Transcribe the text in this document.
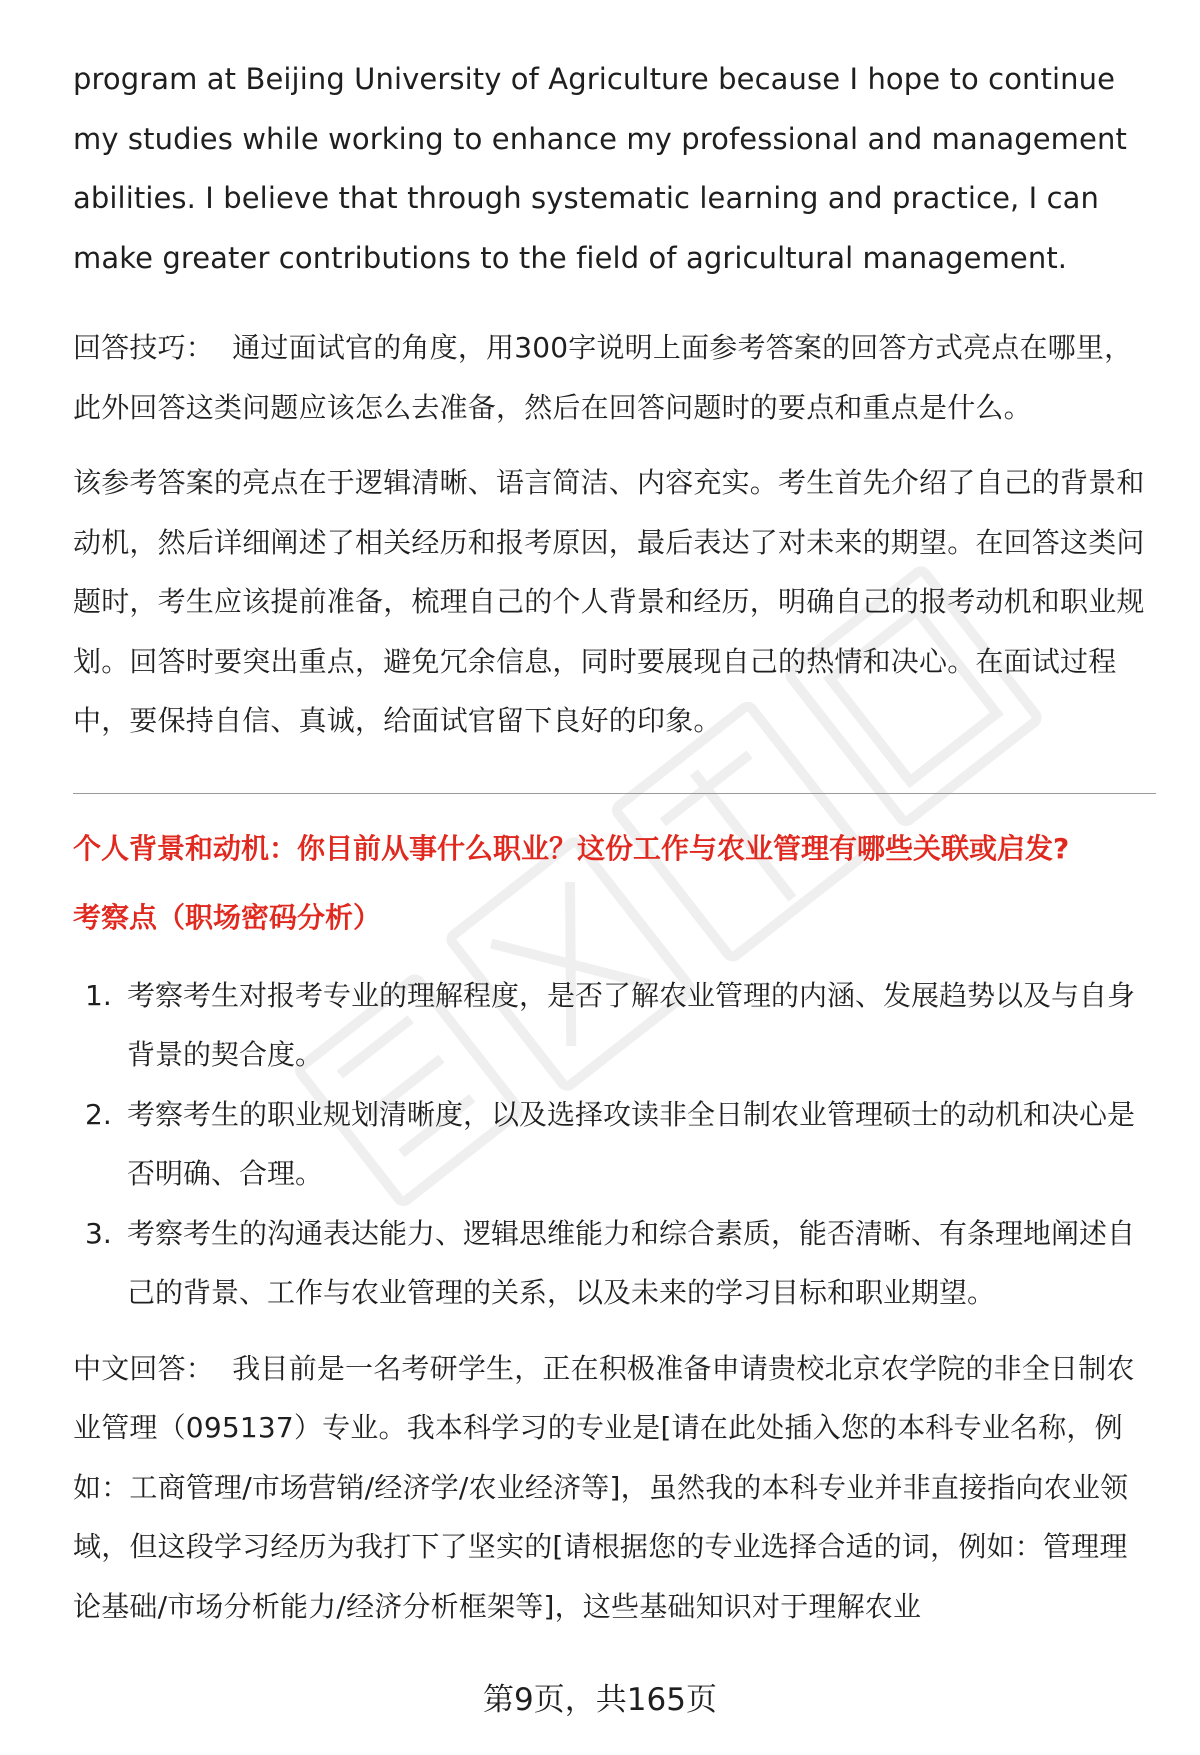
program at Beijing University of Agriculture because I hope to continue my studies while working to enhance my professional and management abilities. I believe that through systematic learning and practice, I can make greater contributions to the field of agricultural management.

回答技巧： 通过面试官的角度，用300字说明上面参考答案的回答方式亮点在哪里，此外回答这类问题应该怎么去准备，然后在回答问题时的要点和重点是什么。

该参考答案的亮点在于逻辑清晰、语言简洁、内容充实。考生首先介绍了自己的背景和动机，然后详细阐述了相关经历和报考原因，最后表达了对未来的期望。在回答这类问题时，考生应该提前准备，梳理自己的个人背景和经历，明确自己的报考动机和职业规划。回答时要突出重点，避免冗余信息，同时要展现自己的热情和决心。在面试过程中，要保持自信、真诚，给面试官留下良好的印象。

个人背景和动机：你目前从事什么职业？这份工作与农业管理有哪些关联或启发?

考察点（职场密码分析）

1. 考察考生对报考专业的理解程度，是否了解农业管理的内涵、发展趋势以及与自身背景的契合度。
2. 考察考生的职业规划清晰度，以及选择攻读非全日制农业管理硕士的动机和决心是否明确、合理。
3. 考察考生的沟通表达能力、逻辑思维能力和综合素质，能否清晰、有条理地阐述自己的背景、工作与农业管理的关系，以及未来的学习目标和职业期望。

中文回答： 我目前是一名考研学生，正在积极准备申请贵校北京农学院的非全日制农业管理（095137）专业。我本科学习的专业是[请在此处插入您的本科专业名称，例如：工商管理/市场营销/经济学/农业经济等]，虽然我的本科专业并非直接指向农业领域，但这段学习经历为我打下了坚实的[请根据您的专业选择合适的词，例如：管理理论基础/市场分析能力/经济分析框架等]，这些基础知识对于理解农业

第9页，共165页
